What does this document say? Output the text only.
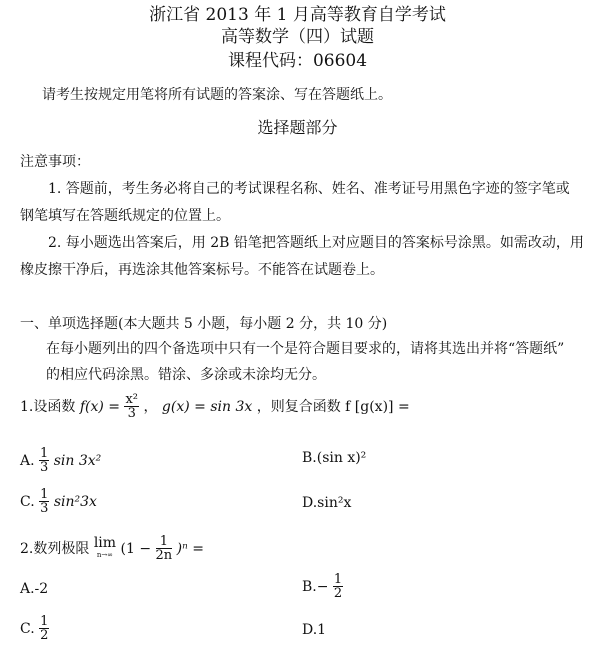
浙江省 2013 年 1 月高等教育自学考试
高等数学（四）试题
课程代码：06604
请考生按规定用笔将所有试题的答案涂、写在答题纸上。
选择题部分
注意事项：
1. 答题前，考生务必将自己的考试课程名称、姓名、准考证号用黑色字迹的签字笔或
钢笔填写在答题纸规定的位置上。
2. 每小题选出答案后，用 2B 铅笔把答题纸上对应题目的答案标号涂黑。如需改动，用
橡皮擦干净后，再选涂其他答案标号。不能答在试题卷上。
一、单项选择题(本大题共 5 小题，每小题 2 分，共 10 分)
在每小题列出的四个备选项中只有一个是符合题目要求的，请将其选出并将“答题纸”
的相应代码涂黑。错涂、多涂或未涂均无分。
1.设函数 $f(x) = \frac{\text{x²}}{3}$ ， g(x) = sin 3x ，则复合函数 f [g(x)] =
A. $\frac{1}{3}$ sin 3x²	B.(sin x)²
C. $\frac{1}{3} \sin^23x$	D.sin²x
2.数列极限 lim
n→∞ $(1 - \frac{1}{2n} )^n$ =
A.-2	$B.- \frac{1}{2}$
C. $\frac{1}{2}$	D.1
